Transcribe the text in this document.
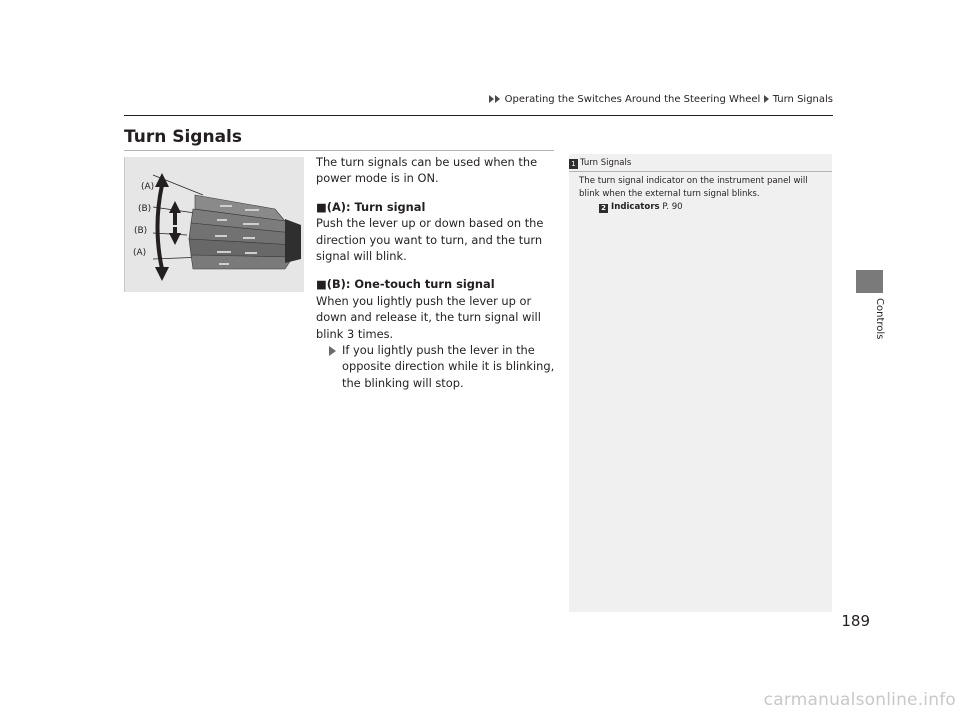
Operating the Switches Around the Steering Wheel Turn Signals
Turn Signals
(A)
(B)
(B)
(A)

The turn signals can be used when the power mode is in ON.

■(A): Turn signal

Push the lever up or down based on the direction you want to turn, and the turn signal will blink.

■(B): One-touch turn signal

When you lightly push the lever up or down and release it, the turn signal will blink 3 times.

If you lightly push the lever in the opposite direction while it is blinking, the blinking will stop.

1 Turn Signals
The turn signal indicator on the instrument panel will blink when the external turn signal blinks.
2 Indicators P. 90
Controls
189
carmanualsonline.info
